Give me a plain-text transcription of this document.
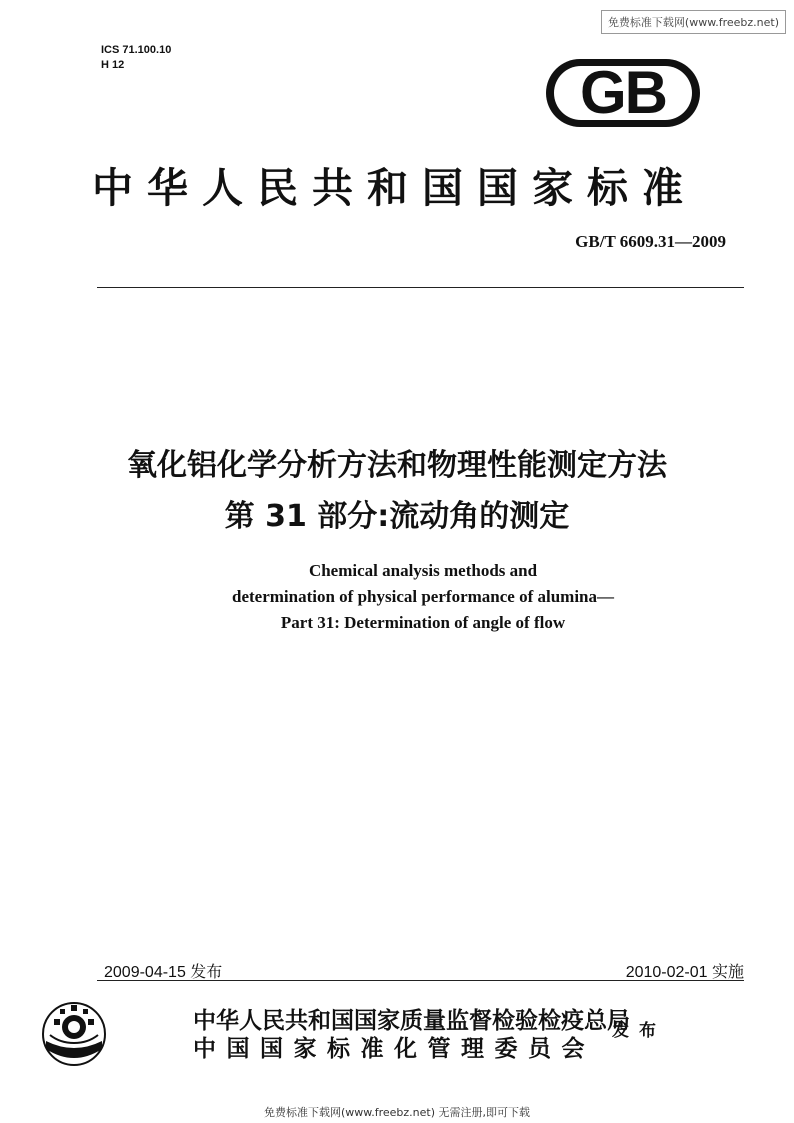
免费标准下载网(www.freebz.net)
ICS 71.100.10
H 12	GB
中华人民共和国国家标准
GB/T 6609.31—2009
氧化铝化学分析方法和物理性能测定方法
第 31 部分:流动角的测定
Chemical analysis methods and
determination of physical performance of alumina—
Part 31: Determination of angle of flow
2009-04-15 发布	2010-02-01 实施
中华人民共和国国家质量监督检验检疫总局
中国国家标准化管理委员会
发布
免费标准下载网(www.freebz.net) 无需注册,即可下载
